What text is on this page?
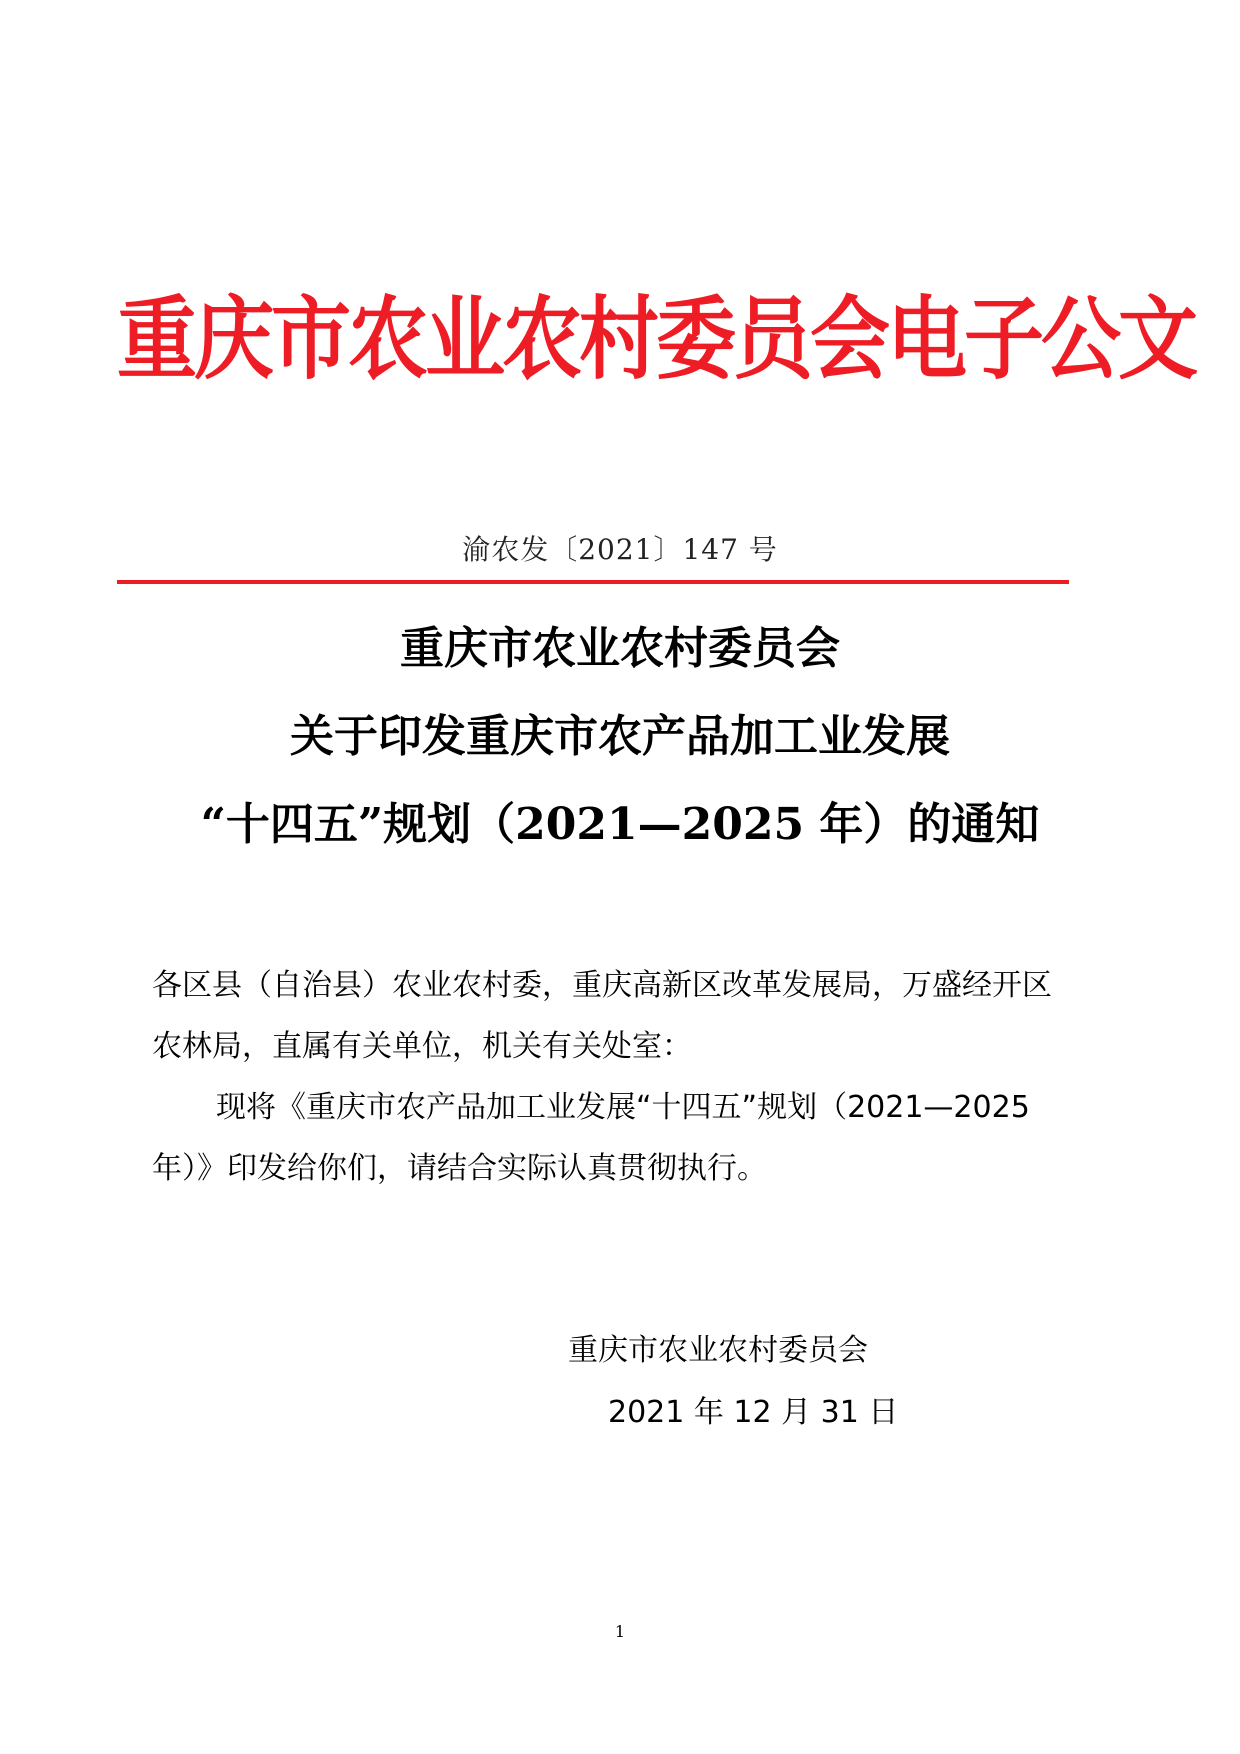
重庆市农业农村委员会电子公文
渝农发〔2021〕147 号
重庆市农业农村委员会
关于印发重庆市农产品加工业发展
“十四五”规划（2021—2025 年）的通知

各区县（自治县）农业农村委，重庆高新区改革发展局，万盛经开区农林局，直属有关单位，机关有关处室：

现将《重庆市农产品加工业发展“十四五”规划（2021—2025年）》印发给你们，请结合实际认真贯彻执行。

重庆市农业农村委员会
2021 年 12 月 31 日
1
